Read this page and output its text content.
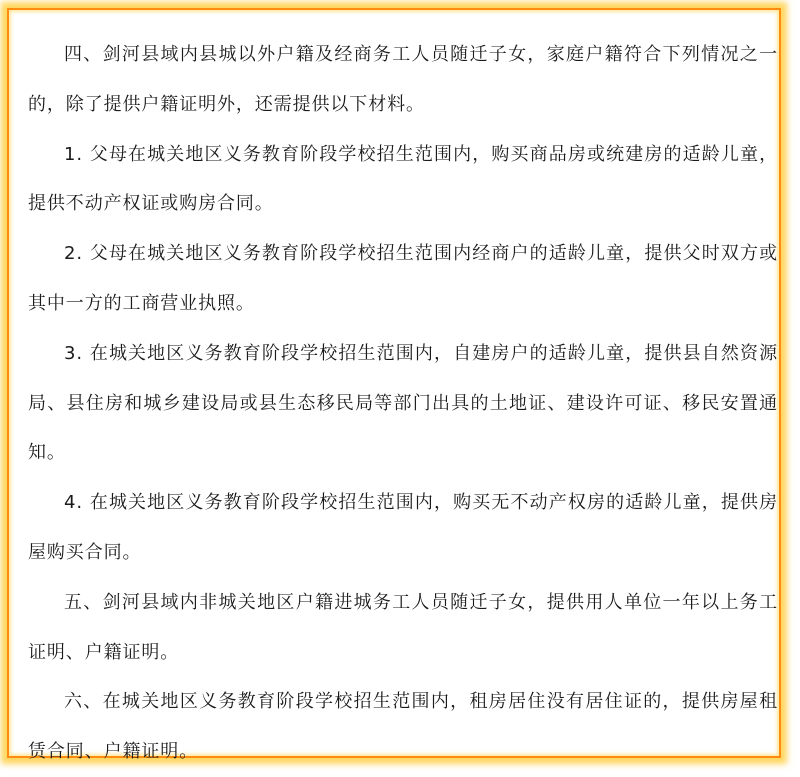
四、剑河县域内县城以外户籍及经商务工人员随迁子女，家庭户籍符合下列情况之一的，除了提供户籍证明外，还需提供以下材料。

1. 父母在城关地区义务教育阶段学校招生范围内，购买商品房或统建房的适龄儿童，提供不动产权证或购房合同。

2. 父母在城关地区义务教育阶段学校招生范围内经商户的适龄儿童，提供父时双方或其中一方的工商营业执照。

3. 在城关地区义务教育阶段学校招生范围内，自建房户的适龄儿童，提供县自然资源局、县住房和城乡建设局或县生态移民局等部门出具的土地证、建设许可证、移民安置通知。

4. 在城关地区义务教育阶段学校招生范围内，购买无不动产权房的适龄儿童，提供房屋购买合同。

五、剑河县域内非城关地区户籍进城务工人员随迁子女，提供用人单位一年以上务工证明、户籍证明。

六、在城关地区义务教育阶段学校招生范围内，租房居住没有居住证的，提供房屋租赁合同、户籍证明。
